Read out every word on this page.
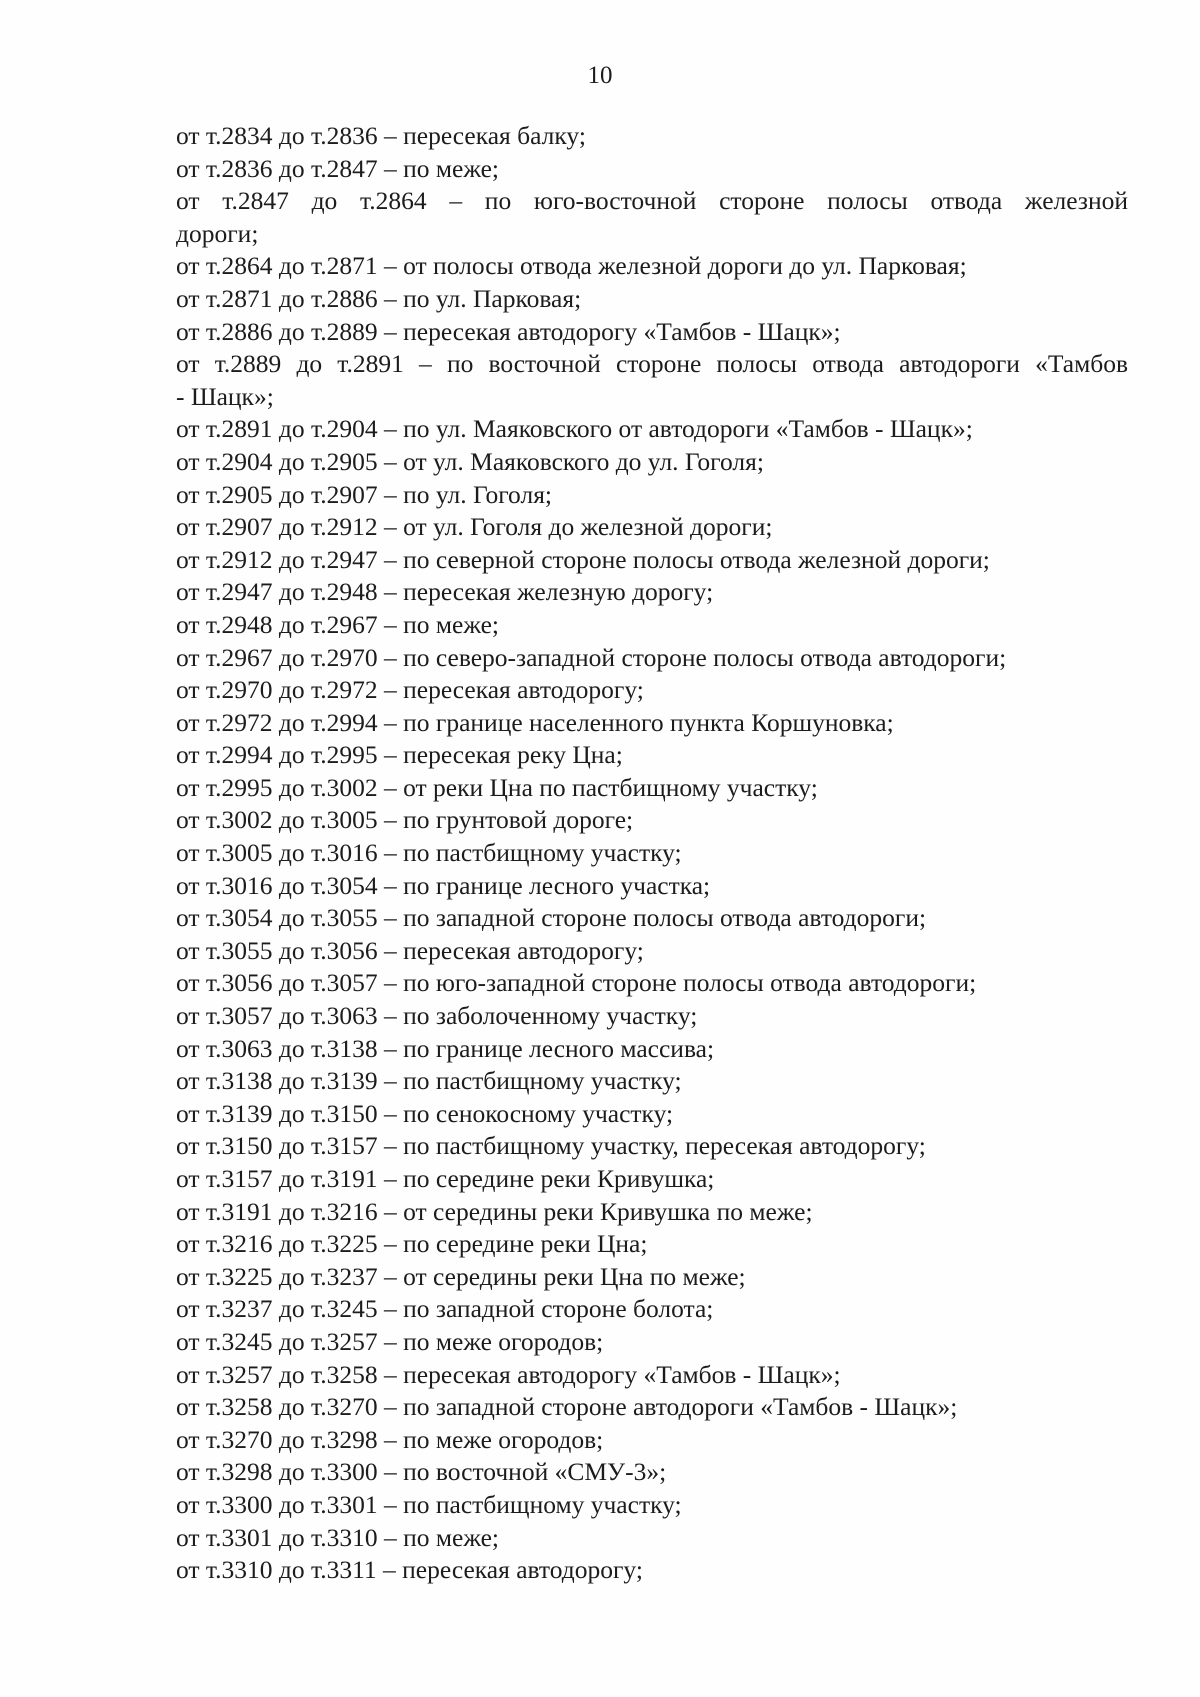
10

от т.2834 до т.2836 – пересекая балку;

от т.2836 до т.2847 – по меже;

от т.2847 до т.2864 – по юго-восточной стороне полосы отвода железной

дороги;

от т.2864 до т.2871 – от полосы отвода железной дороги до ул. Парковая;

от т.2871 до т.2886 – по ул. Парковая;

от т.2886 до т.2889 – пересекая автодорогу «Тамбов - Шацк»;

от т.2889 до т.2891 – по восточной стороне полосы отвода автодороги «Тамбов

- Шацк»;

от т.2891 до т.2904 – по ул. Маяковского от автодороги «Тамбов - Шацк»;

от т.2904 до т.2905 – от ул. Маяковского до ул. Гоголя;

от т.2905 до т.2907 – по ул. Гоголя;

от т.2907 до т.2912 – от ул. Гоголя до железной дороги;

от т.2912 до т.2947 – по северной стороне полосы отвода железной дороги;

от т.2947 до т.2948 – пересекая железную дорогу;

от т.2948 до т.2967 – по меже;

от т.2967 до т.2970 – по северо-западной стороне полосы отвода автодороги;

от т.2970 до т.2972 – пересекая автодорогу;

от т.2972 до т.2994 – по границе населенного пункта Коршуновка;

от т.2994 до т.2995 – пересекая реку Цна;

от т.2995 до т.3002 – от реки Цна по пастбищному участку;

от т.3002 до т.3005 – по грунтовой дороге;

от т.3005 до т.3016 – по пастбищному участку;

от т.3016 до т.3054 – по границе лесного участка;

от т.3054 до т.3055 – по западной стороне полосы отвода автодороги;

от т.3055 до т.3056 – пересекая автодорогу;

от т.3056 до т.3057 – по юго-западной стороне полосы отвода автодороги;

от т.3057 до т.3063 – по заболоченному участку;

от т.3063 до т.3138 – по границе лесного массива;

от т.3138 до т.3139 – по пастбищному участку;

от т.3139 до т.3150 – по сенокосному участку;

от т.3150 до т.3157 – по пастбищному участку, пересекая автодорогу;

от т.3157 до т.3191 – по середине реки Кривушка;

от т.3191 до т.3216 – от середины реки Кривушка по меже;

от т.3216 до т.3225 – по середине реки Цна;

от т.3225 до т.3237 – от середины реки Цна по меже;

от т.3237 до т.3245 – по западной стороне болота;

от т.3245 до т.3257 – по меже огородов;

от т.3257 до т.3258 – пересекая автодорогу «Тамбов - Шацк»;

от т.3258 до т.3270 – по западной стороне автодороги «Тамбов - Шацк»;

от т.3270 до т.3298 – по меже огородов;

от т.3298 до т.3300 – по восточной «СМУ-3»;

от т.3300 до т.3301 – по пастбищному участку;

от т.3301 до т.3310 – по меже;

от т.3310 до т.3311 – пересекая автодорогу;
